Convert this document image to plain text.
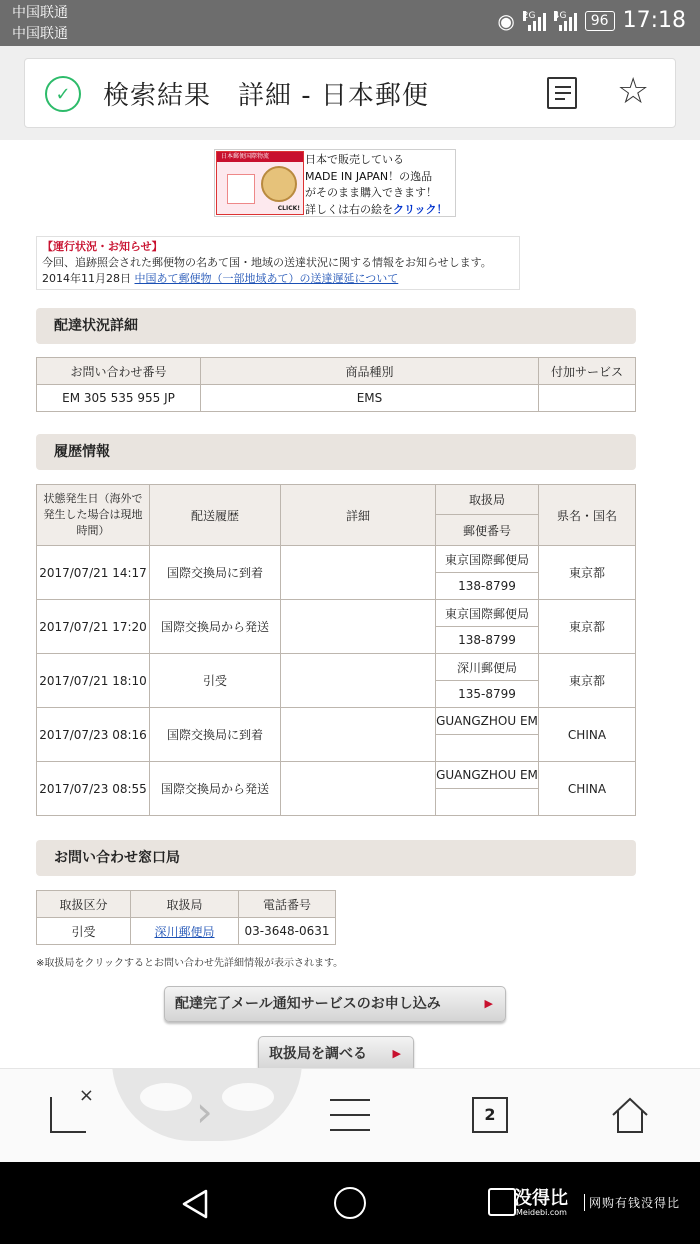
中国联通
中国联通
◉ 2G 4G	96 17:18
✓	検索結果　詳細 - 日本郵便	☆
日本郵便国際物流
CLICK!
日本で販売している
MADE IN JAPAN！の逸品
がそのまま購入できます！
詳しくは右の絵をクリック！
【運行状況・お知らせ】
今回、追跡照会された郵便物の名あて国・地域の送達状況に関する情報をお知らせします。
2014年11月28日 中国あて郵便物（一部地域あて）の送達遅延について
配達状況詳細
お問い合わせ番号	商品種別	付加サービス
EM 305 535 955 JP	EMS	
履歴情報
状態発生日（海外で発生した場合は現地時間）	配送履歴	詳細	取扱局	県名・国名
			郵便番号	
2017/07/21 14:17	国際交換局に到着		東京国際郵便局	東京都
			138-8799	
2017/07/21 17:20	国際交換局から発送		東京国際郵便局	東京都
			138-8799	
2017/07/21 18:10	引受		深川郵便局	東京都
			135-8799	
2017/07/23 08:16	国際交換局に到着		GUANGZHOU EM	CHINA

2017/07/23 08:55	国際交換局から発送		GUANGZHOU EM	CHINA

お問い合わせ窓口局
取扱区分	取扱局	電話番号
引受	深川郵便局	03-3648-0631
※取扱局をクリックするとお問い合わせ先詳細情報が表示されます。
配達完了メール通知サービスのお申し込み	▶
取扱局を調べる ▶
× ›	2
没得比
Meidebi.com
网购有钱没得比
